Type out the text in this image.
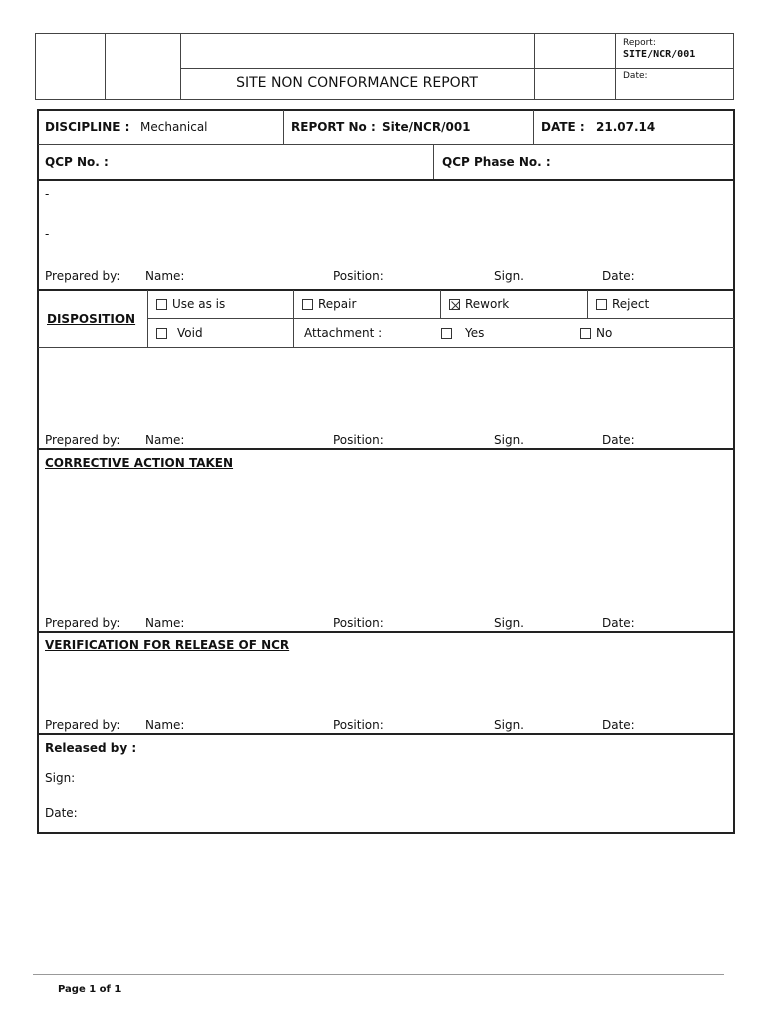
SITE NON CONFORMANCE REPORT
Report:
SITE/NCR/001
Date:
DISCIPLINE : Mechanical	REPORT No : Site/NCR/001	DATE : 21.07.14
QCP No. :	QCP Phase No. :
-
-
Prepared by: Name:	Position:	Sign.	Date:
DISPOSITION
Use as is	Repair	Rework	Reject
Void	Attachment :	Yes	No
Prepared by: Name:	Position:	Sign.	Date:
CORRECTIVE ACTION TAKEN
Prepared by: Name:	Position:	Sign.	Date:
VERIFICATION FOR RELEASE OF NCR
Prepared by: Name:	Position:	Sign.	Date:
Released by :
Sign:
Date:
Page 1 of 1
